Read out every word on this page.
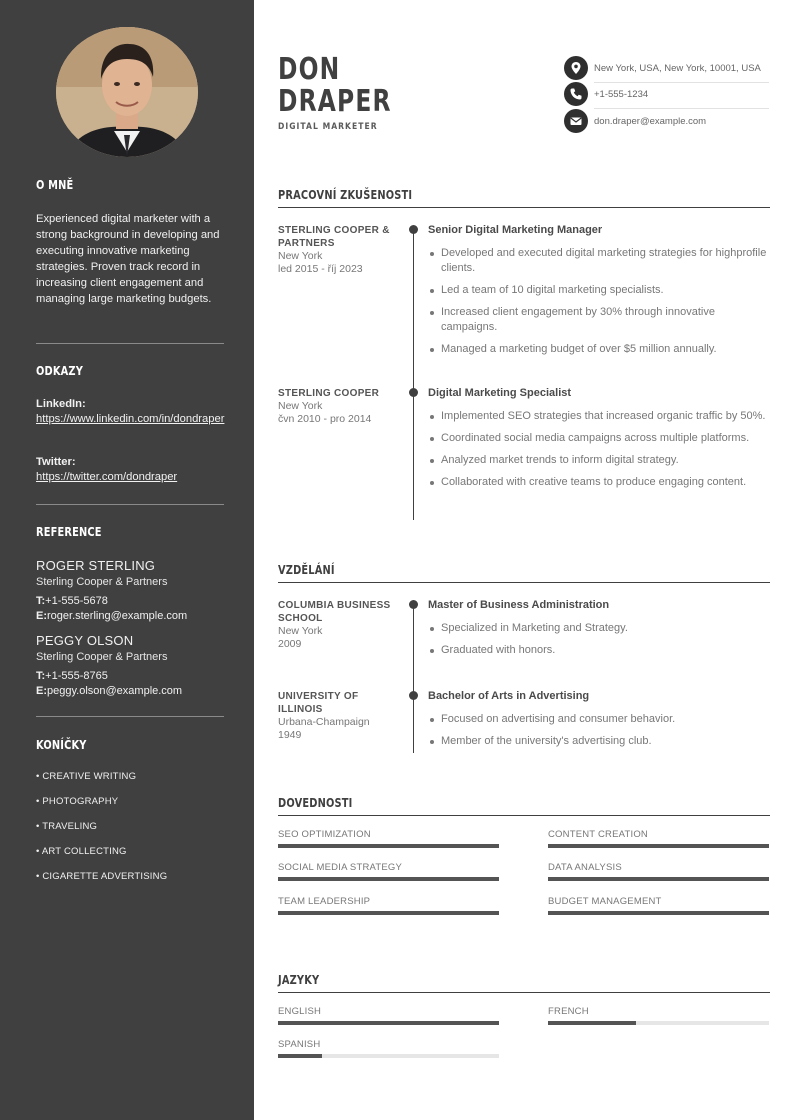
O MNĚ
Experienced digital marketer with a strong background in developing and executing innovative marketing strategies. Proven track record in increasing client engagement and managing large marketing budgets.
ODKAZY
LinkedIn:
https://www.linkedin.com/in/dondraper
Twitter:
https://twitter.com/dondraper
REFERENCE
ROGER STERLING
Sterling Cooper & Partners
T:+1-555-5678
E:roger.sterling@example.com
PEGGY OLSON
Sterling Cooper & Partners
T:+1-555-8765
E:peggy.olson@example.com
KONÍČKY
• CREATIVE WRITING
• PHOTOGRAPHY
• TRAVELING
• ART COLLECTING
• CIGARETTE ADVERTISING
DON
DRAPER
DIGITAL MARKETER
New York, USA, New York, 10001, USA
+1-555-1234
don.draper@example.com
PRACOVNÍ ZKUŠENOSTI
STERLING COOPER & PARTNERS
New York
led 2015 - říj 2023
Senior Digital Marketing Manager
Developed and executed digital marketing strategies for highprofile clients.
Led a team of 10 digital marketing specialists.
Increased client engagement by 30% through innovative campaigns.
Managed a marketing budget of over $5 million annually.
STERLING COOPER
New York
čvn 2010 - pro 2014
Digital Marketing Specialist
Implemented SEO strategies that increased organic traffic by 50%.
Coordinated social media campaigns across multiple platforms.
Analyzed market trends to inform digital strategy.
Collaborated with creative teams to produce engaging content.
VZDĚLÁNÍ
COLUMBIA BUSINESS SCHOOL
New York
2009
Master of Business Administration
Specialized in Marketing and Strategy.
Graduated with honors.
UNIVERSITY OF ILLINOIS
Urbana-Champaign
1949
Bachelor of Arts in Advertising
Focused on advertising and consumer behavior.
Member of the university's advertising club.
DOVEDNOSTI
SEO OPTIMIZATION	CONTENT CREATION
SOCIAL MEDIA STRATEGY	DATA ANALYSIS
TEAM LEADERSHIP	BUDGET MANAGEMENT
JAZYKY
ENGLISH	FRENCH
SPANISH
